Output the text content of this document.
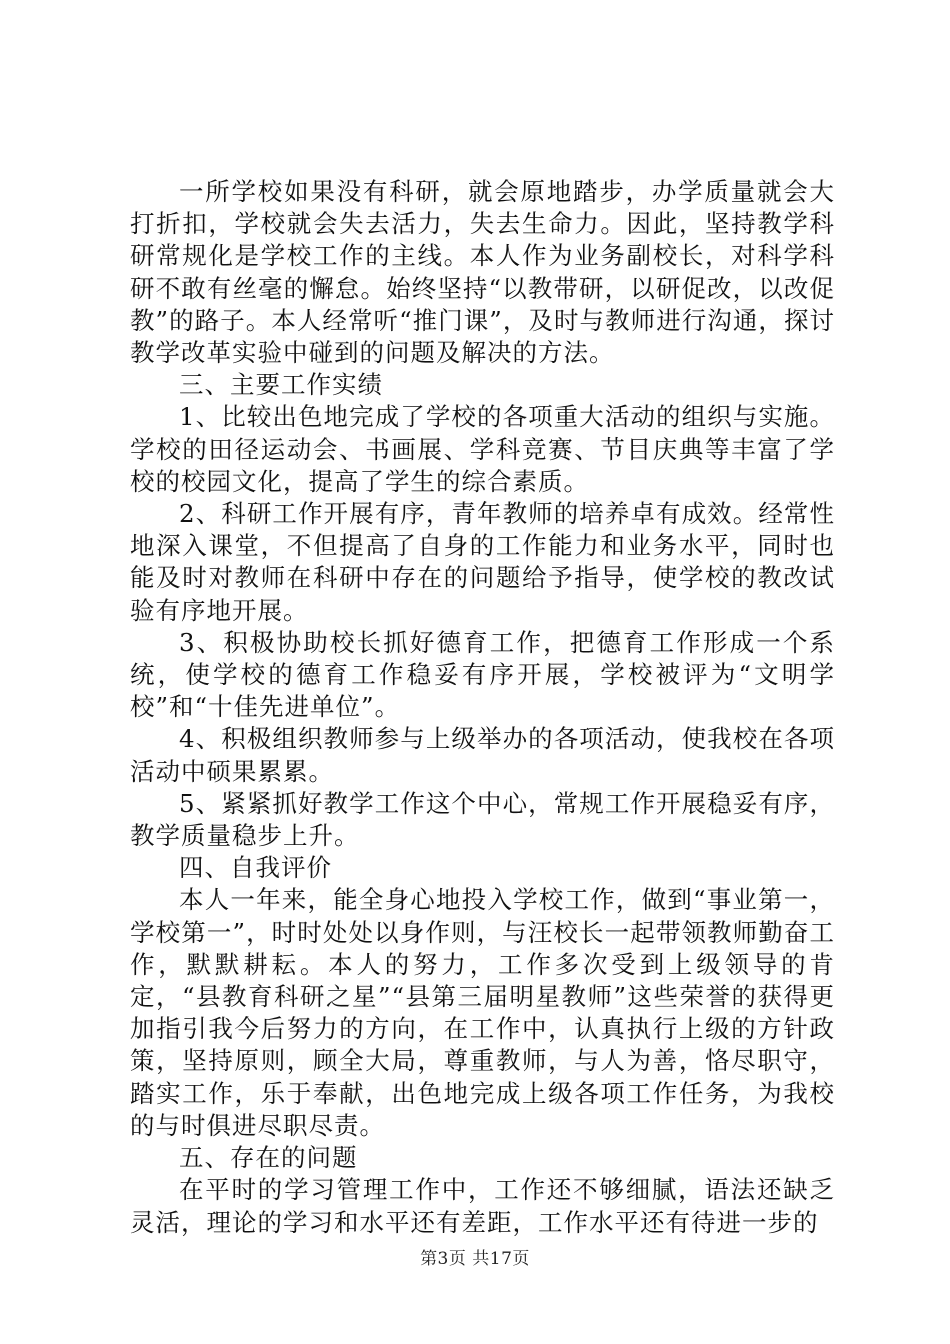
一所学校如果没有科研，就会原地踏步，办学质量就会大打折扣，学校就会失去活力，失去生命力。因此，坚持教学科研常规化是学校工作的主线。本人作为业务副校长，对科学科研不敢有丝毫的懈怠。始终坚持“以教带研，以研促改，以改促教”的路子。本人经常听“推门课”，及时与教师进行沟通，探讨教学改革实验中碰到的问题及解决的方法。

三、主要工作实绩

1、比较出色地完成了学校的各项重大活动的组织与实施。学校的田径运动会、书画展、学科竞赛、节目庆典等丰富了学校的校园文化，提高了学生的综合素质。

2、科研工作开展有序，青年教师的培养卓有成效。经常性地深入课堂，不但提高了自身的工作能力和业务水平，同时也能及时对教师在科研中存在的问题给予指导，使学校的教改试验有序地开展。

3、积极协助校长抓好德育工作，把德育工作形成一个系统，使学校的德育工作稳妥有序开展，学校被评为“文明学校”和“十佳先进单位”。

4、积极组织教师参与上级举办的各项活动，使我校在各项活动中硕果累累。

5、紧紧抓好教学工作这个中心，常规工作开展稳妥有序，教学质量稳步上升。

四、自我评价

本人一年来，能全身心地投入学校工作，做到“事业第一，学校第一”，时时处处以身作则，与汪校长一起带领教师勤奋工作，默默耕耘。本人的努力，工作多次受到上级领导的肯定，“县教育科研之星”“县第三届明星教师”这些荣誉的获得更加指引我今后努力的方向，在工作中，认真执行上级的方针政策，坚持原则，顾全大局，尊重教师，与人为善，恪尽职守，踏实工作，乐于奉献，出色地完成上级各项工作任务，为我校的与时俱进尽职尽责。

五、存在的问题

在平时的学习管理工作中，工作还不够细腻，语法还缺乏灵活，理论的学习和水平还有差距，工作水平还有待进一步的

第3页 共17页
